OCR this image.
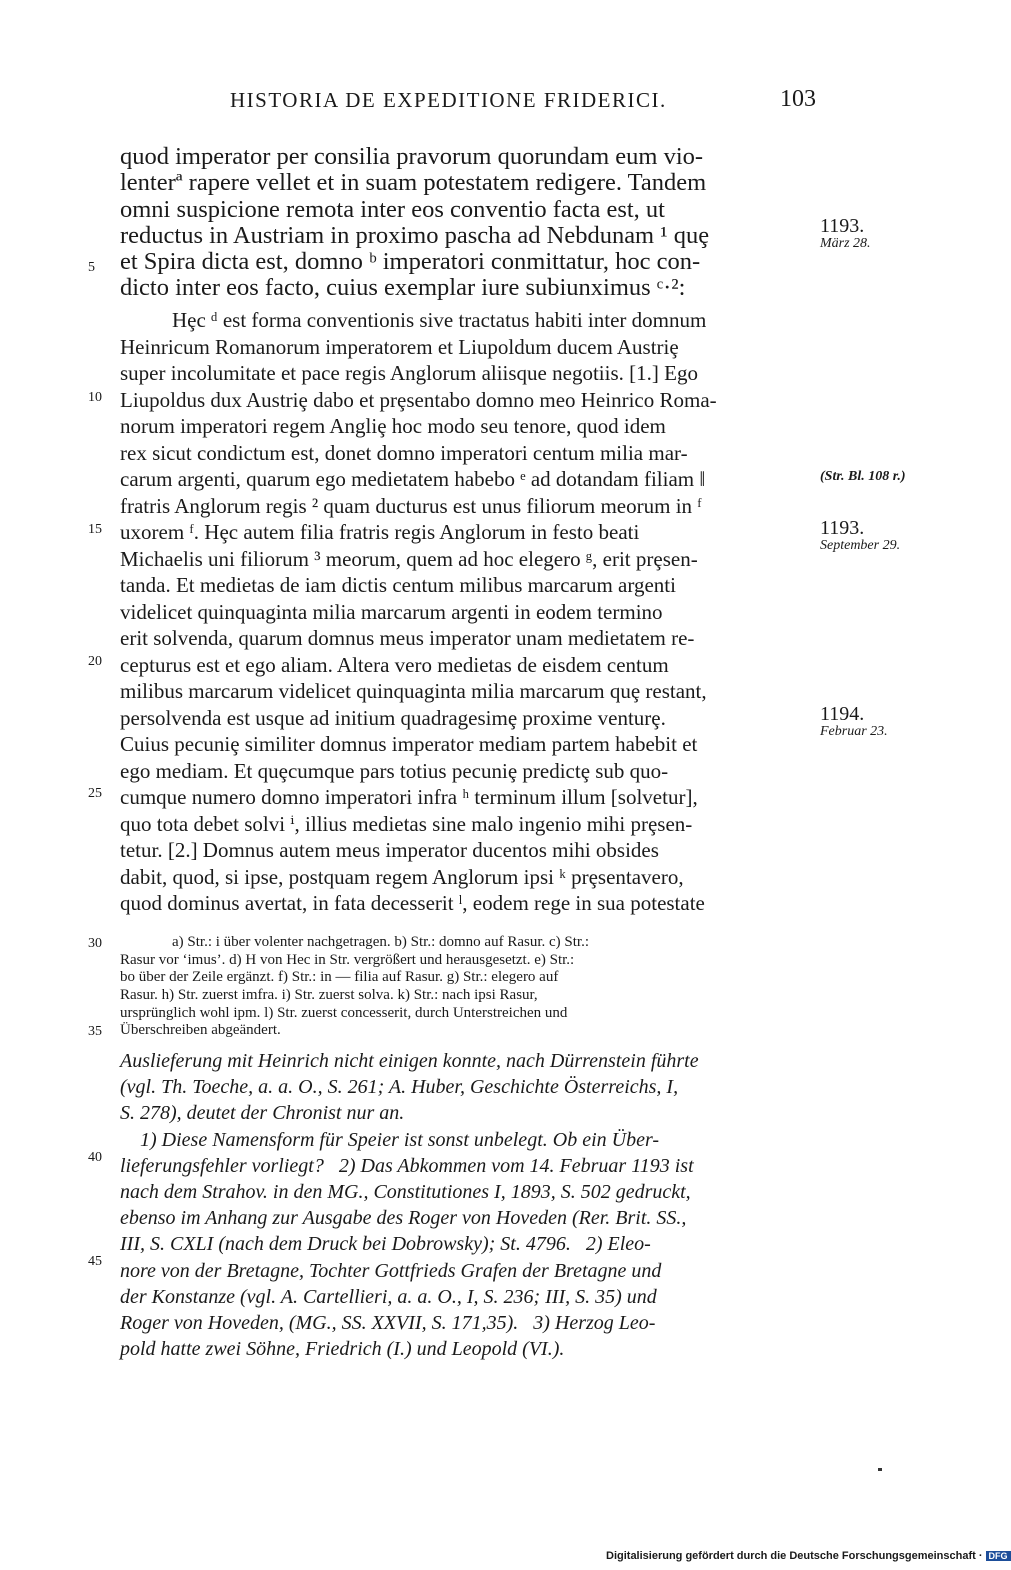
HISTORIA DE EXPEDITIONE FRIDERICI.	103
quod imperator per consilia pravorum quorundam eum vio-
lenterª rapere vellet et in suam potestatem redigere. Tandem
omni suspicione remota inter eos conventio facta est, ut
reductus in Austriam in proximo pascha ad Nebdunam ¹ quȩ
et Spira dicta est, domno ᵇ imperatori conmittatur, hoc con-
dicto inter eos facto, cuius exemplar iure subiunximus ᶜ·²:
Hȩc ᵈ est forma conventionis sive tractatus habiti inter domnum
Heinricum Romanorum imperatorem et Liupoldum ducem Austriȩ
super incolumitate et pace regis Anglorum aliisque negotiis. [1.] Ego
Liupoldus dux Austriȩ dabo et prȩsentabo domno meo Heinrico Roma-
norum imperatori regem Angliȩ hoc modo seu tenore, quod idem
rex sicut condictum est, donet domno imperatori centum milia mar-
carum argenti, quarum ego medietatem habebo ᵉ ad dotandam filiam ‖
fratris Anglorum regis ² quam ducturus est unus filiorum meorum in ᶠ
uxorem ᶠ. Hȩc autem filia fratris regis Anglorum in festo beati
Michaelis uni filiorum ³ meorum, quem ad hoc elegero ᵍ, erit prȩsen-
tanda. Et medietas de iam dictis centum milibus marcarum argenti
videlicet quinquaginta milia marcarum argenti in eodem termino
erit solvenda, quarum domnus meus imperator unam medietatem re-
cepturus est et ego aliam. Altera vero medietas de eisdem centum
milibus marcarum videlicet quinquaginta milia marcarum quȩ restant,
persolvenda est usque ad initium quadragesimȩ proxime venturȩ.
Cuius pecuniȩ similiter domnus imperator mediam partem habebit et
ego mediam. Et quȩcumque pars totius pecuniȩ predictȩ sub quo-
cumque numero domno imperatori infra ʰ terminum illum [solvetur],
quo tota debet solvi ⁱ, illius medietas sine malo ingenio mihi prȩsen-
tetur. [2.] Domnus autem meus imperator ducentos mihi obsides
dabit, quod, si ipse, postquam regem Anglorum ipsi ᵏ prȩsentavero,
quod dominus avertat, in fata decesserit ˡ, eodem rege in sua potestate
a) Str.: i über volenter nachgetragen. b) Str.: domno auf Rasur. c) Str.:
Rasur vor ‘imus’. d) H von Hec in Str. vergrößert und herausgesetzt. e) Str.:
bo über der Zeile ergänzt. f) Str.: in — filia auf Rasur. g) Str.: elegero auf
Rasur. h) Str. zuerst imfra. i) Str. zuerst solva. k) Str.: nach ipsi Rasur,
ursprünglich wohl ipm. l) Str. zuerst concesserit, durch Unterstreichen und
Überschreiben abgeändert.
Auslieferung mit Heinrich nicht einigen konnte, nach Dürrenstein führte
(vgl. Th. Toeche, a. a. O., S. 261; A. Huber, Geschichte Österreichs, I,
S. 278), deutet der Chronist nur an.
1) Diese Namensform für Speier ist sonst unbelegt. Ob ein Über-
lieferungsfehler vorliegt?   2) Das Abkommen vom 14. Februar 1193 ist
nach dem Strahov. in den MG., Constitutiones I, 1893, S. 502 gedruckt,
ebenso im Anhang zur Ausgabe des Roger von Hoveden (Rer. Brit. SS.,
III, S. CXLI (nach dem Druck bei Dobrowsky); St. 4796.   2) Eleo-
nore von der Bretagne, Tochter Gottfrieds Grafen der Bretagne und
der Konstanze (vgl. A. Cartellieri, a. a. O., I, S. 236; III, S. 35) und
Roger von Hoveden, (MG., SS. XXVII, S. 171,35).   3) Herzog Leo-
pold hatte zwei Söhne, Friedrich (I.) und Leopold (VI.).
5
10
15
20
25
30
35
40
45
1193.
März 28.
1193.
September 29.
1194.
Februar 23.
(Str. Bl. 108 r.)
Digitalisierung gefördert durch die Deutsche Forschungsgemeinschaft · DFG
